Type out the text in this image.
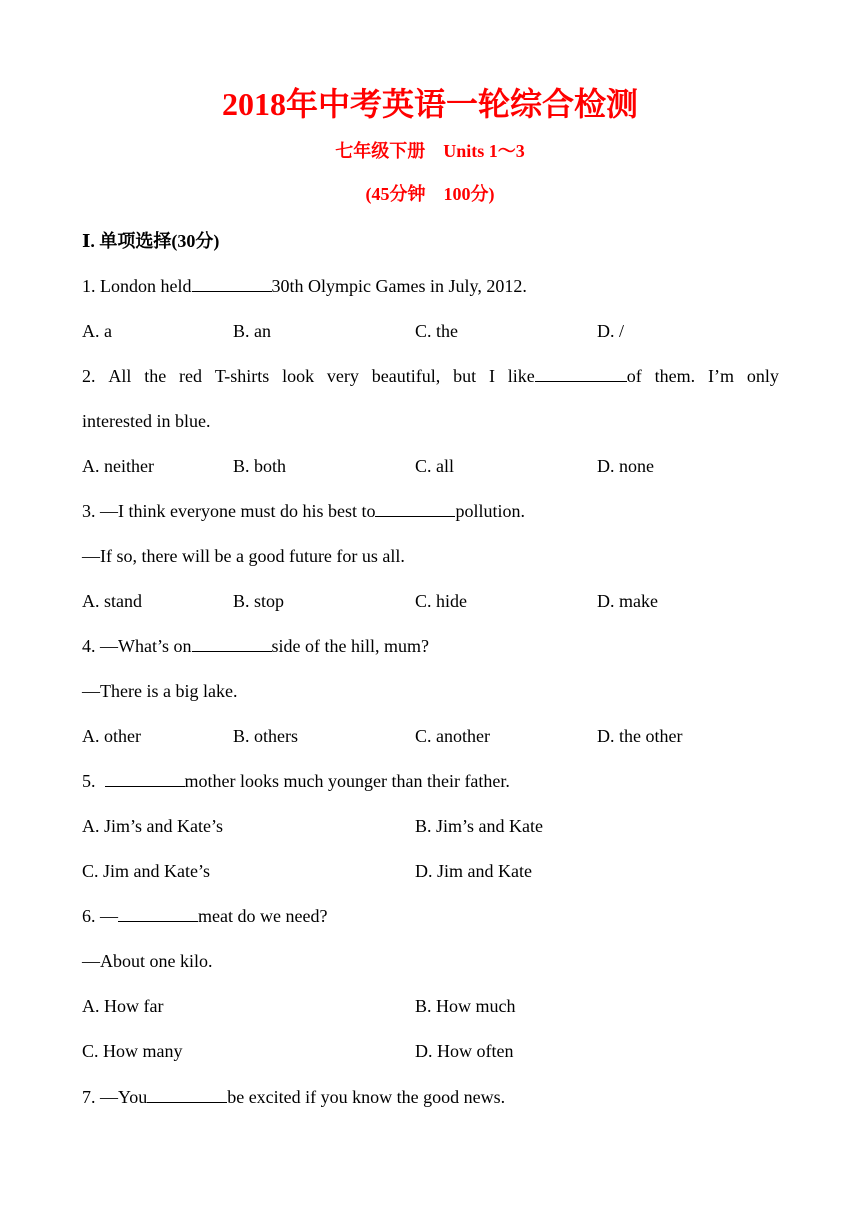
2018年中考英语一轮综合检测
七年级下册　Units 1～3
(45分钟　100分)
Ⅰ. 单项选择(30分)
1. London held	30th Olympic Games in July, 2012.
A. a	B. an	C. the	D. /
2. All the red T-shirts look very beautiful, but I like	of them. I’m only
interested in blue.
A. neither	B. both	C. all	D. none
3. —I think everyone must do his best to	pollution.
—If so, there will be a good future for us all.
A. stand	B. stop	C. hide	D. make
4. —What’s on	side of the hill, mum?
—There is a big lake.
A. other	B. others	C. another	D. the other
5.	mother looks much younger than their father.
A. Jim’s and Kate’s	B. Jim’s and Kate
C. Jim and Kate’s	D. Jim and Kate
6. —	meat do we need?
—About one kilo.
A. How far	B. How much
C. How many	D. How often
7. —You	be excited if you know the good news.
